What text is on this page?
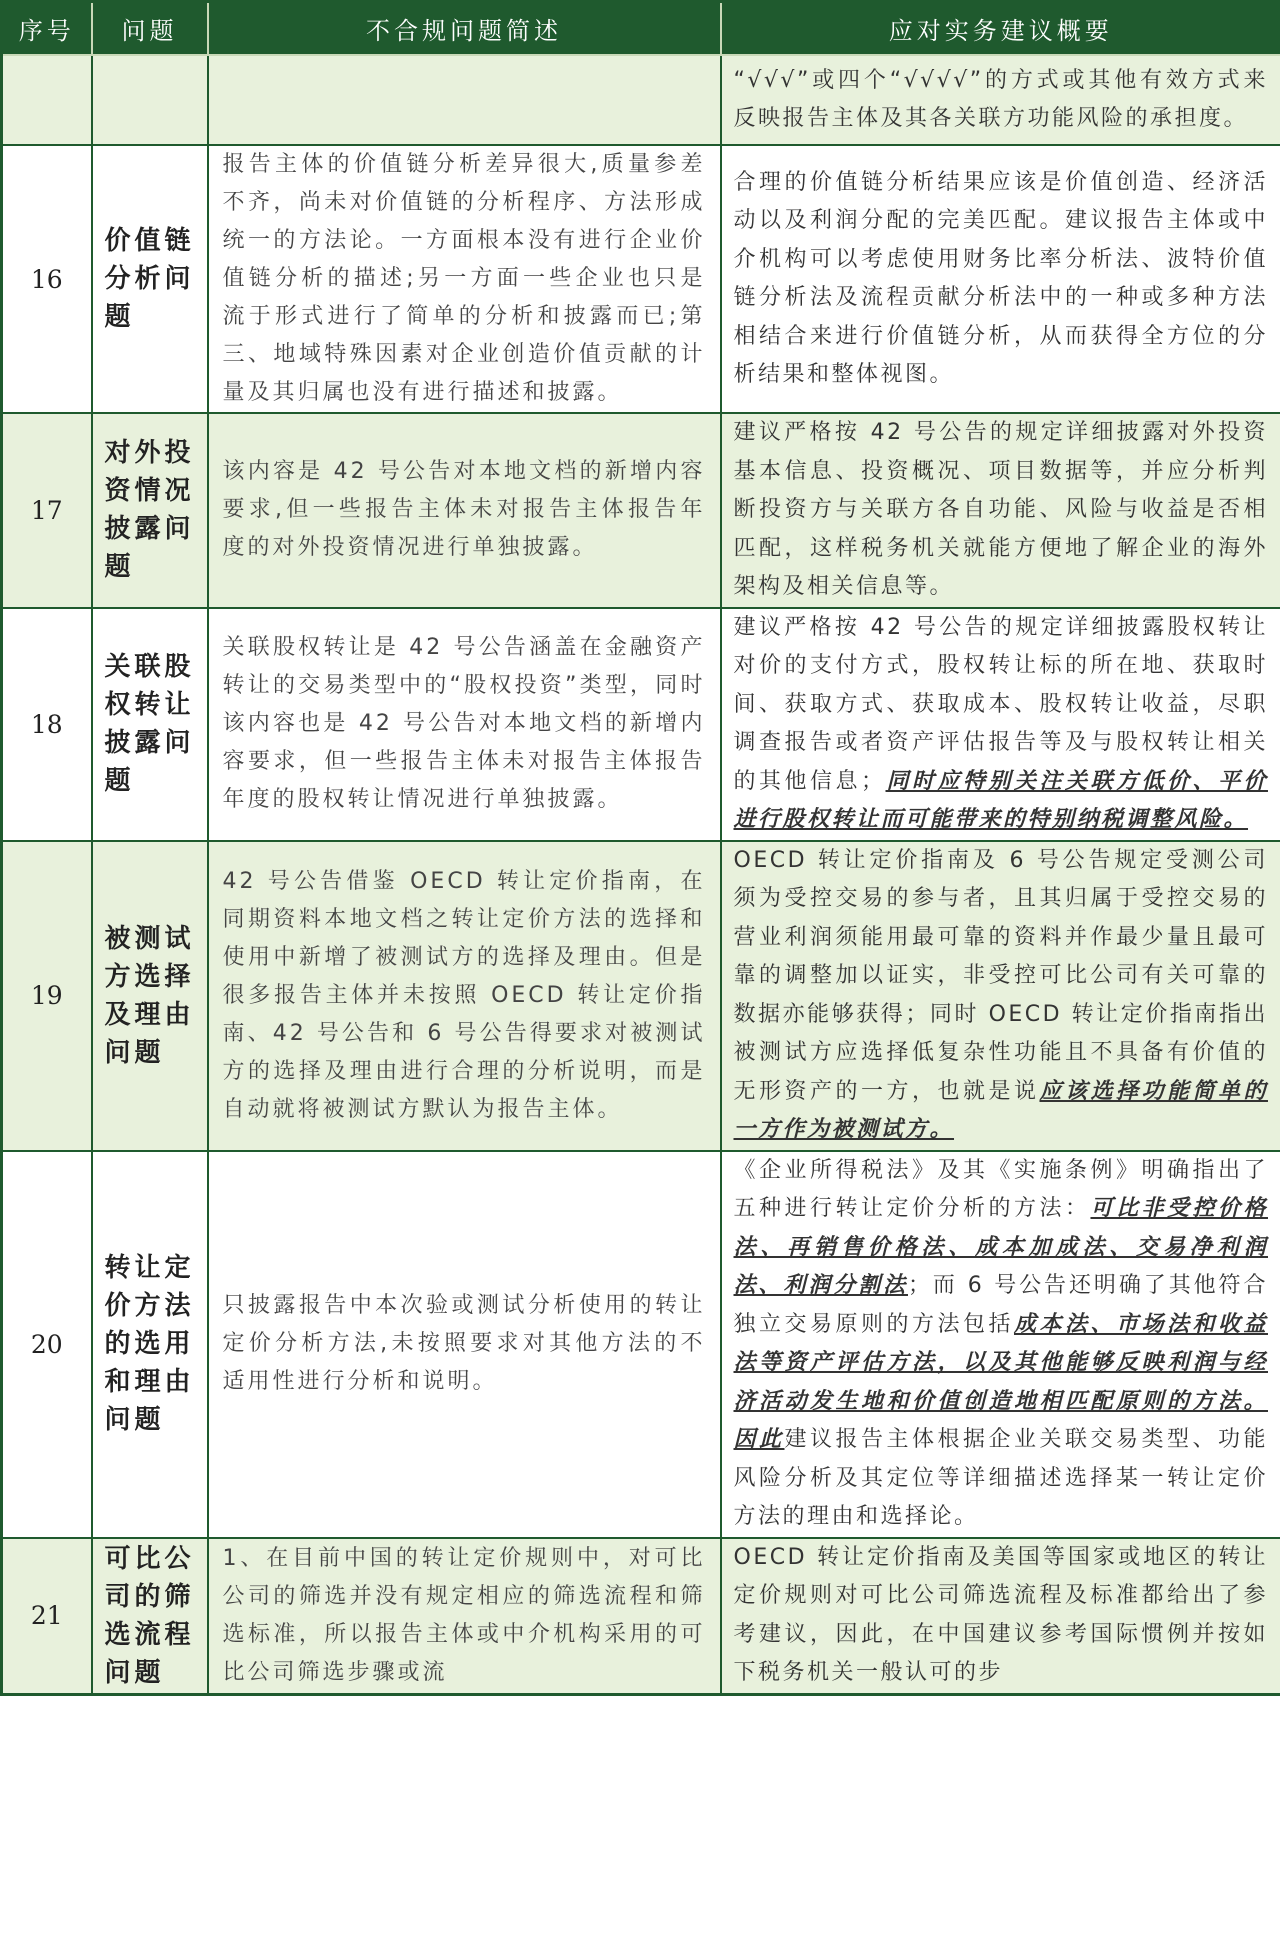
序号	问题	不合规问题简述	应对实务建议概要
			“√√√”或四个“√√√√”的方式或其他有效方式来反映报告主体及其各关联方功能风险的承担度。
16	价值链分析问题	报告主体的价值链分析差异很大,质量参差不齐，尚未对价值链的分析程序、方法形成统一的方法论。一方面根本没有进行企业价值链分析的描述;另一方面一些企业也只是流于形式进行了简单的分析和披露而已;第三、地域特殊因素对企业创造价值贡献的计量及其归属也没有进行描述和披露。	合理的价值链分析结果应该是价值创造、经济活动以及利润分配的完美匹配。建议报告主体或中介机构可以考虑使用财务比率分析法、波特价值链分析法及流程贡献分析法中的一种或多种方法相结合来进行价值链分析，从而获得全方位的分析结果和整体视图。
17	对外投资情况披露问题	该内容是 42 号公告对本地文档的新增内容要求,但一些报告主体未对报告主体报告年度的对外投资情况进行单独披露。	建议严格按 42 号公告的规定详细披露对外投资基本信息、投资概况、项目数据等，并应分析判断投资方与关联方各自功能、风险与收益是否相匹配，这样税务机关就能方便地了解企业的海外架构及相关信息等。
18	关联股权转让披露问题	关联股权转让是 42 号公告涵盖在金融资产转让的交易类型中的“股权投资”类型，同时该内容也是 42 号公告对本地文档的新增内容要求，但一些报告主体未对报告主体报告年度的股权转让情况进行单独披露。	建议严格按 42 号公告的规定详细披露股权转让对价的支付方式，股权转让标的所在地、获取时间、获取方式、获取成本、股权转让收益，尽职调查报告或者资产评估报告等及与股权转让相关的其他信息；同时应特别关注关联方低价、平价进行股权转让而可能带来的特别纳税调整风险。
19	被测试方选择及理由问题	42 号公告借鉴 OECD 转让定价指南，在同期资料本地文档之转让定价方法的选择和使用中新增了被测试方的选择及理由。但是很多报告主体并未按照 OECD 转让定价指南、42 号公告和 6 号公告得要求对被测试方的选择及理由进行合理的分析说明，而是自动就将被测试方默认为报告主体。	OECD 转让定价指南及 6 号公告规定受测公司须为受控交易的参与者，且其归属于受控交易的营业利润须能用最可靠的资料并作最少量且最可靠的调整加以证实，非受控可比公司有关可靠的数据亦能够获得；同时 OECD 转让定价指南指出被测试方应选择低复杂性功能且不具备有价值的无形资产的一方，也就是说应该选择功能简单的一方作为被测试方。
20	转让定价方法的选用和理由问题	只披露报告中本次验或测试分析使用的转让定价分析方法,未按照要求对其他方法的不适用性进行分析和说明。	《企业所得税法》及其《实施条例》明确指出了五种进行转让定价分析的方法：可比非受控价格法、再销售价格法、成本加成法、交易净利润法、利润分割法；而 6 号公告还明确了其他符合独立交易原则的方法包括成本法、市场法和收益法等资产评估方法，以及其他能够反映利润与经济活动发生地和价值创造地相匹配原则的方法。因此建议报告主体根据企业关联交易类型、功能风险分析及其定位等详细描述选择某一转让定价方法的理由和选择论。
21	可比公司的筛选流程问题	1、在目前中国的转让定价规则中，对可比公司的筛选并没有规定相应的筛选流程和筛选标准，所以报告主体或中介机构采用的可比公司筛选步骤或流	OECD 转让定价指南及美国等国家或地区的转让定价规则对可比公司筛选流程及标准都给出了参考建议，因此，在中国建议参考国际惯例并按如下税务机关一般认可的步
